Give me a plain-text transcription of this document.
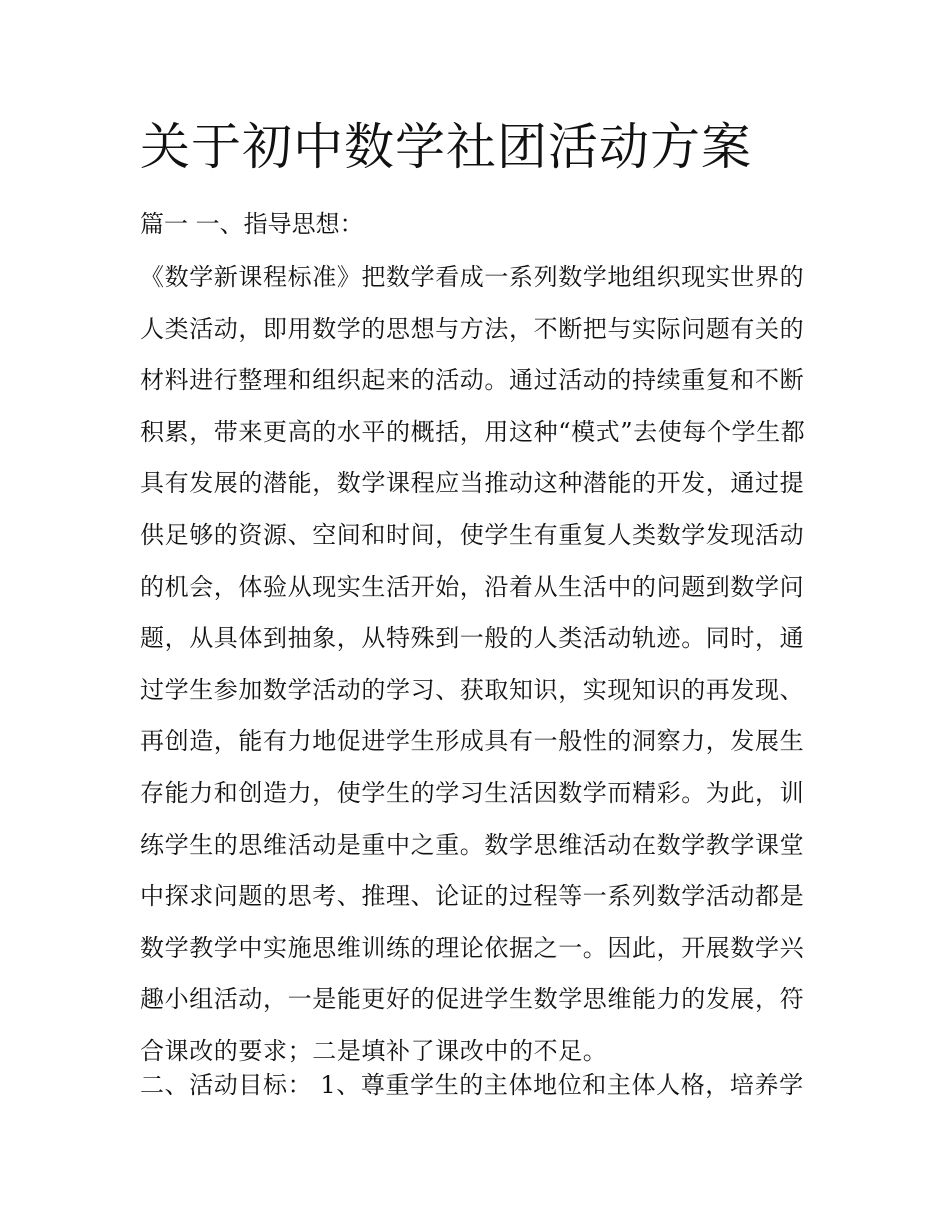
关于初中数学社团活动方案

篇一 一、指导思想：

《数学新课程标准》把数学看成一系列数学地组织现实世界的
人类活动，即用数学的思想与方法，不断把与实际问题有关的
材料进行整理和组织起来的活动。通过活动的持续重复和不断
积累，带来更高的水平的概括，用这种“模式”去使每个学生都
具有发展的潜能，数学课程应当推动这种潜能的开发，通过提
供足够的资源、空间和时间，使学生有重复人类数学发现活动
的机会，体验从现实生活开始，沿着从生活中的问题到数学问
题，从具体到抽象，从特殊到一般的人类活动轨迹。同时，通
过学生参加数学活动的学习、获取知识，实现知识的再发现、
再创造，能有力地促进学生形成具有一般性的洞察力，发展生
存能力和创造力，使学生的学习生活因数学而精彩。为此，训
练学生的思维活动是重中之重。数学思维活动在数学教学课堂
中探求问题的思考、推理、论证的过程等一系列数学活动都是
数学教学中实施思维训练的理论依据之一。因此，开展数学兴
趣小组活动，一是能更好的促进学生数学思维能力的发展，符
合课改的要求；二是填补了课改中的不足。

二、活动目标： 1、尊重学生的主体地位和主体人格，培养学
